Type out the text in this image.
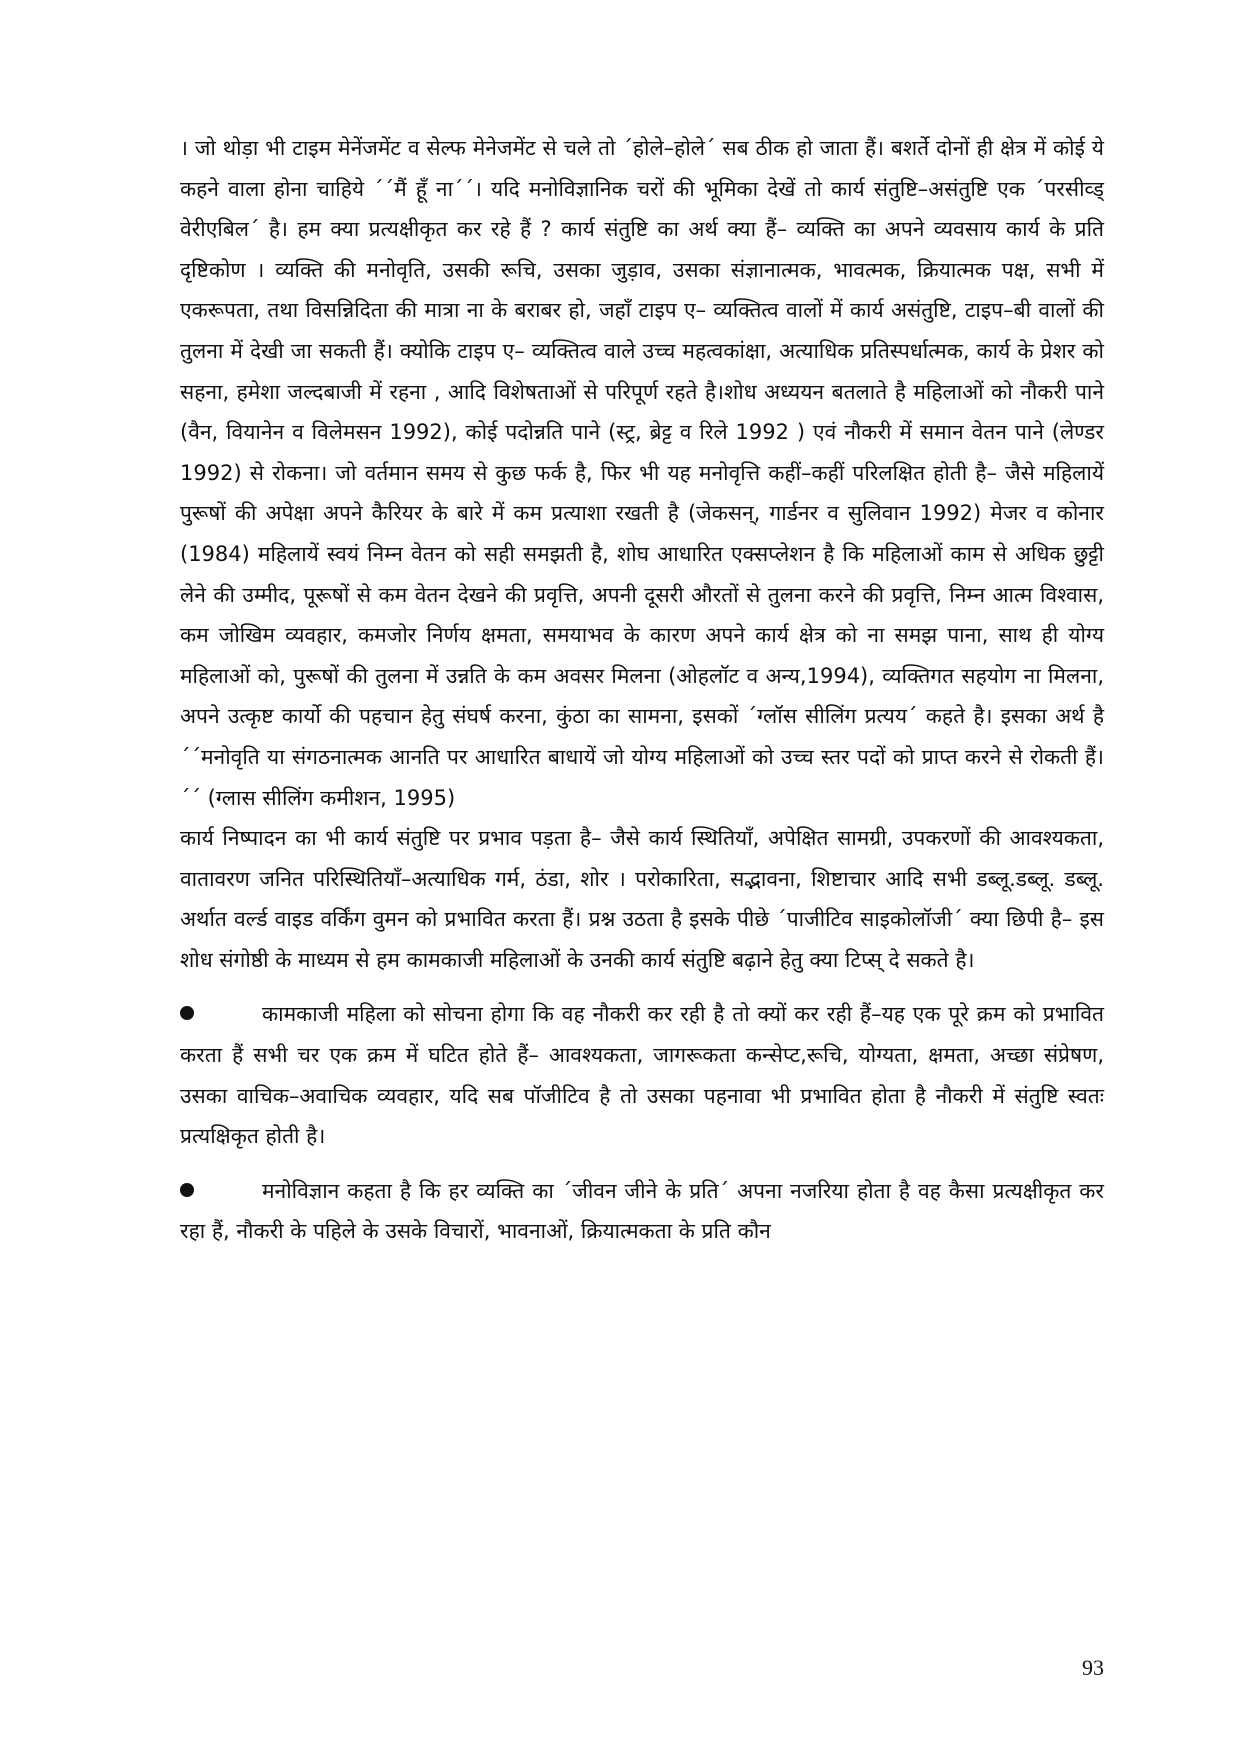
। जो थोड़ा भी टाइम मेनेंजमेंट व सेल्फ मेनेजमेंट से चले तो ´होले–होले´ सब ठीक हो जाता हैं। बशर्ते दोनों ही क्षेत्र में कोई ये कहने वाला होना चाहिये ´´मैं हूँ ना´´। यदि मनोविज्ञानिक चरों की भूमिका देखें तो कार्य संतुष्टि–असंतुष्टि एक ´परसीव्ड् वेरीएबिल´ है। हम क्या प्रत्यक्षीकृत कर रहे हैं ? कार्य संतुष्टि का अर्थ क्या हैं– व्यक्ति का अपने व्यवसाय कार्य के प्रति दृष्टिकोण । व्यक्ति की मनोवृति, उसकी रूचि, उसका जुड़ाव, उसका संज्ञानात्मक, भावत्मक, क्रियात्मक पक्ष, सभी में एकरूपता, तथा विसन्निदिता की मात्रा ना के बराबर हो, जहॉं टाइप ए– व्यक्तित्व वालों में कार्य असंतुष्टि, टाइप–बी वालों की तुलना में देखी जा सकती हैं। क्योकि टाइप ए– व्यक्तित्व वाले उच्च महत्वकांक्षा, अत्याधिक प्रतिस्पर्धात्मक, कार्य के प्रेशर को सहना, हमेशा जल्दबाजी में रहना , आदि विशेषताओं से परिपूर्ण रहते है।शोध अध्ययन बतलाते है महिलाओं को नौकरी पाने (वैन, वियानेन व विलेमसन 1992), कोई पदोन्नति पाने (स्ट्र, ब्रेट्ट व रिले 1992 ) एवं नौकरी में समान वेतन पाने (लेण्डर 1992) से रोकना। जो वर्तमान समय से कुछ फर्क है, फिर भी यह मनोवृत्ति कहीं–कहीं परिलक्षित होती है– जैसे महिलायें पुरूषों की अपेक्षा अपने कैरियर के बारे में कम प्रत्याशा रखती है (जेकसन्, गार्डनर व सुलिवान 1992) मेजर व कोनार (1984) महिलायें स्वयं निम्न वेतन को सही समझती है, शोघ आधारित एक्सप्लेशन है कि महिलाओं काम से अधिक छुट्टी लेने की उम्मीद, पूरूषों से कम वेतन देखने की प्रवृत्ति, अपनी दूसरी औरतों से तुलना करने की प्रवृत्ति, निम्न आत्म विश्वास, कम जोखिम व्यवहार, कमजोर निर्णय क्षमता, समयाभव के कारण अपने कार्य क्षेत्र को ना समझ पाना, साथ ही योग्य महिलाओं को, पुरूषों की तुलना में उन्नति के कम अवसर मिलना (ओहलॉट व अन्य,1994), व्यक्तिगत सहयोग ना मिलना, अपने उत्कृष्ट कार्यो की पहचान हेतु संघर्ष करना, कुंठा का सामना, इसकों ´ग्लॉस सीलिंग प्रत्यय´ कहते है। इसका अर्थ है ´´मनोवृति या संगठनात्मक आनति पर आधारित बाधायें जो योग्य महिलाओं को उच्च स्तर पदों को प्राप्त करने से रोकती हैं।´´ (ग्लास सीलिंग कमीशन, 1995)

कार्य निष्पादन का भी कार्य संतुष्टि पर प्रभाव पड़ता है– जैसे कार्य स्थितियॉं, अपेक्षित सामग्री, उपकरणों की आवश्यकता, वातावरण जनित परिस्थितियॉं–अत्याधिक गर्म, ठंडा, शोर । परोकारिता, सद्भावना, शिष्टाचार आदि सभी डब्लू.डब्लू. डब्लू. अर्थात वर्ल्ड वाइड वर्किंग वुमन को प्रभावित करता हैं। प्रश्न उठता है इसके पीछे ´पाजीटिव साइकोलॉजी´ क्या छिपी है– इस शोध संगोष्ठी के माध्यम से हम कामकाजी महिलाओं के उनकी कार्य संतुष्टि बढ़ाने हेतु क्या टिप्स् दे सकते है।

कामकाजी महिला को सोचना होगा कि वह नौकरी कर रही है तो क्यों कर रही हैं–यह एक पूरे क्रम को प्रभावित करता हैं सभी चर एक क्रम में घटित होते हैं– आवश्यकता, जागरूकता कन्सेप्ट,रूचि, योग्यता, क्षमता, अच्छा संप्रेषण, उसका वाचिक–अवाचिक व्यवहार, यदि सब पॉजीटिव है तो उसका पहनावा भी प्रभावित होता है नौकरी में संतुष्टि स्वतः प्रत्यक्षिकृत होती है।

मनोविज्ञान कहता है कि हर व्यक्ति का ´जीवन जीने के प्रति´ अपना नजरिया होता है वह कैसा प्रत्यक्षीकृत कर रहा हैं, नौकरी के पहिले के उसके विचारों, भावनाओं, क्रियात्मकता के प्रति कौन

93
